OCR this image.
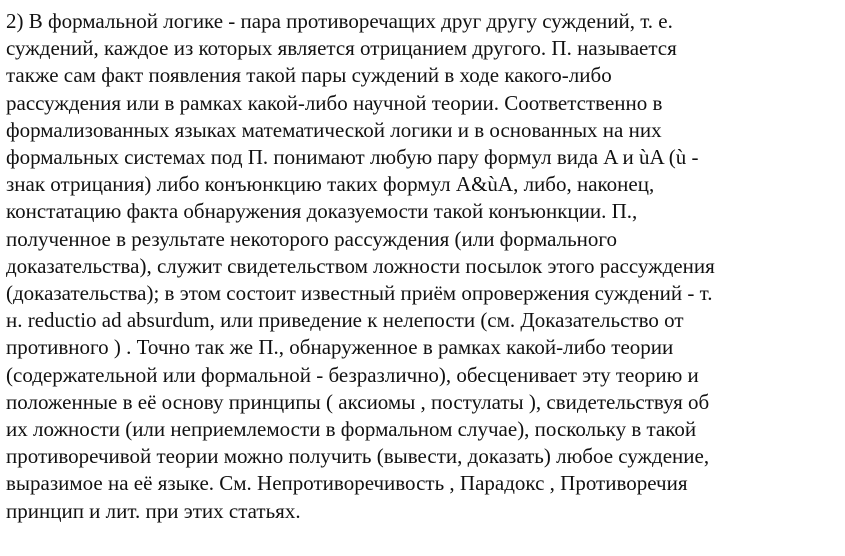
2) В формальной логике - пара противоречащих друг другу суждений, т. е.
суждений, каждое из которых является отрицанием другого. П. называется
также сам факт появления такой пары суждений в ходе какого-либо
рассуждения или в рамках какой-либо научной теории. Соответственно в
формализованных языках математической логики и в основанных на них
формальных системах под П. понимают любую пару формул вида A и ùA (ù -
знак отрицания) либо конъюнкцию таких формул A&ùA, либо, наконец,
констатацию факта обнаружения доказуемости такой конъюнкции. П.,
полученное в результате некоторого рассуждения (или формального
доказательства), служит свидетельством ложности посылок этого рассуждения
(доказательства); в этом состоит известный приём опровержения суждений - т.
н. reductio ad absurdum, или приведение к нелепости (см. Доказательство от
противного ) . Точно так же П., обнаруженное в рамках какой-либо теории
(содержательной или формальной - безразлично), обесценивает эту теорию и
положенные в её основу принципы ( аксиомы , постулаты ), свидетельствуя об
их ложности (или неприемлемости в формальном случае), поскольку в такой
противоречивой теории можно получить (вывести, доказать) любое суждение,
выразимое на её языке. См. Непротиворечивость , Парадокс , Противоречия
принцип и лит. при этих статьях.
